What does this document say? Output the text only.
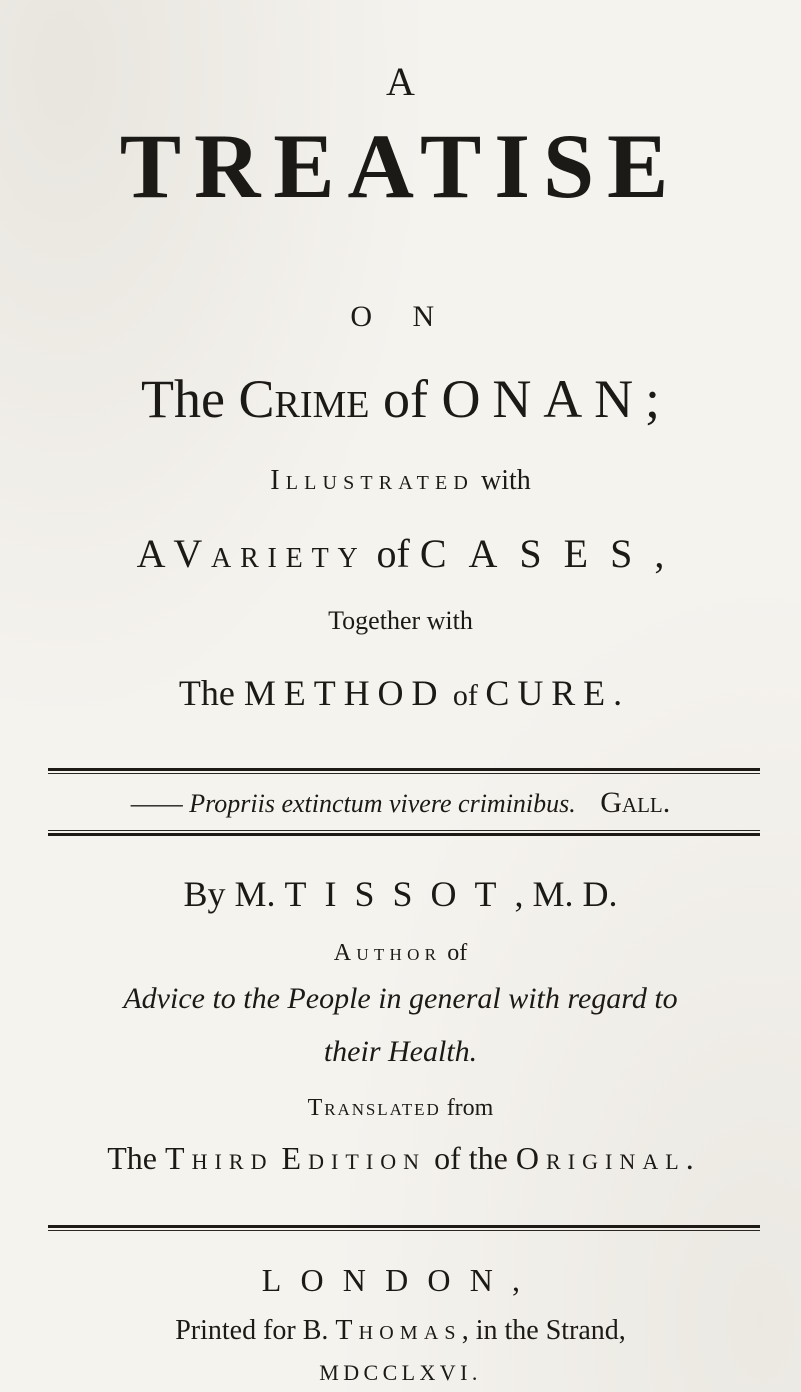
A
TREATISE
O N
The Crime of ONAN;
Illustrated with
A Variety of CASES,
Together with
The METHOD of CURE.
—— Propriis extinctum vivere criminibus. Gall.
By M. TISSOT, M. D.
Author of
Advice to the People in general with regard to
their Health.
Translated from
The Third Edition of the Original.
LONDON,
Printed for B. Thomas, in the Strand,
MDCCLXVI.
